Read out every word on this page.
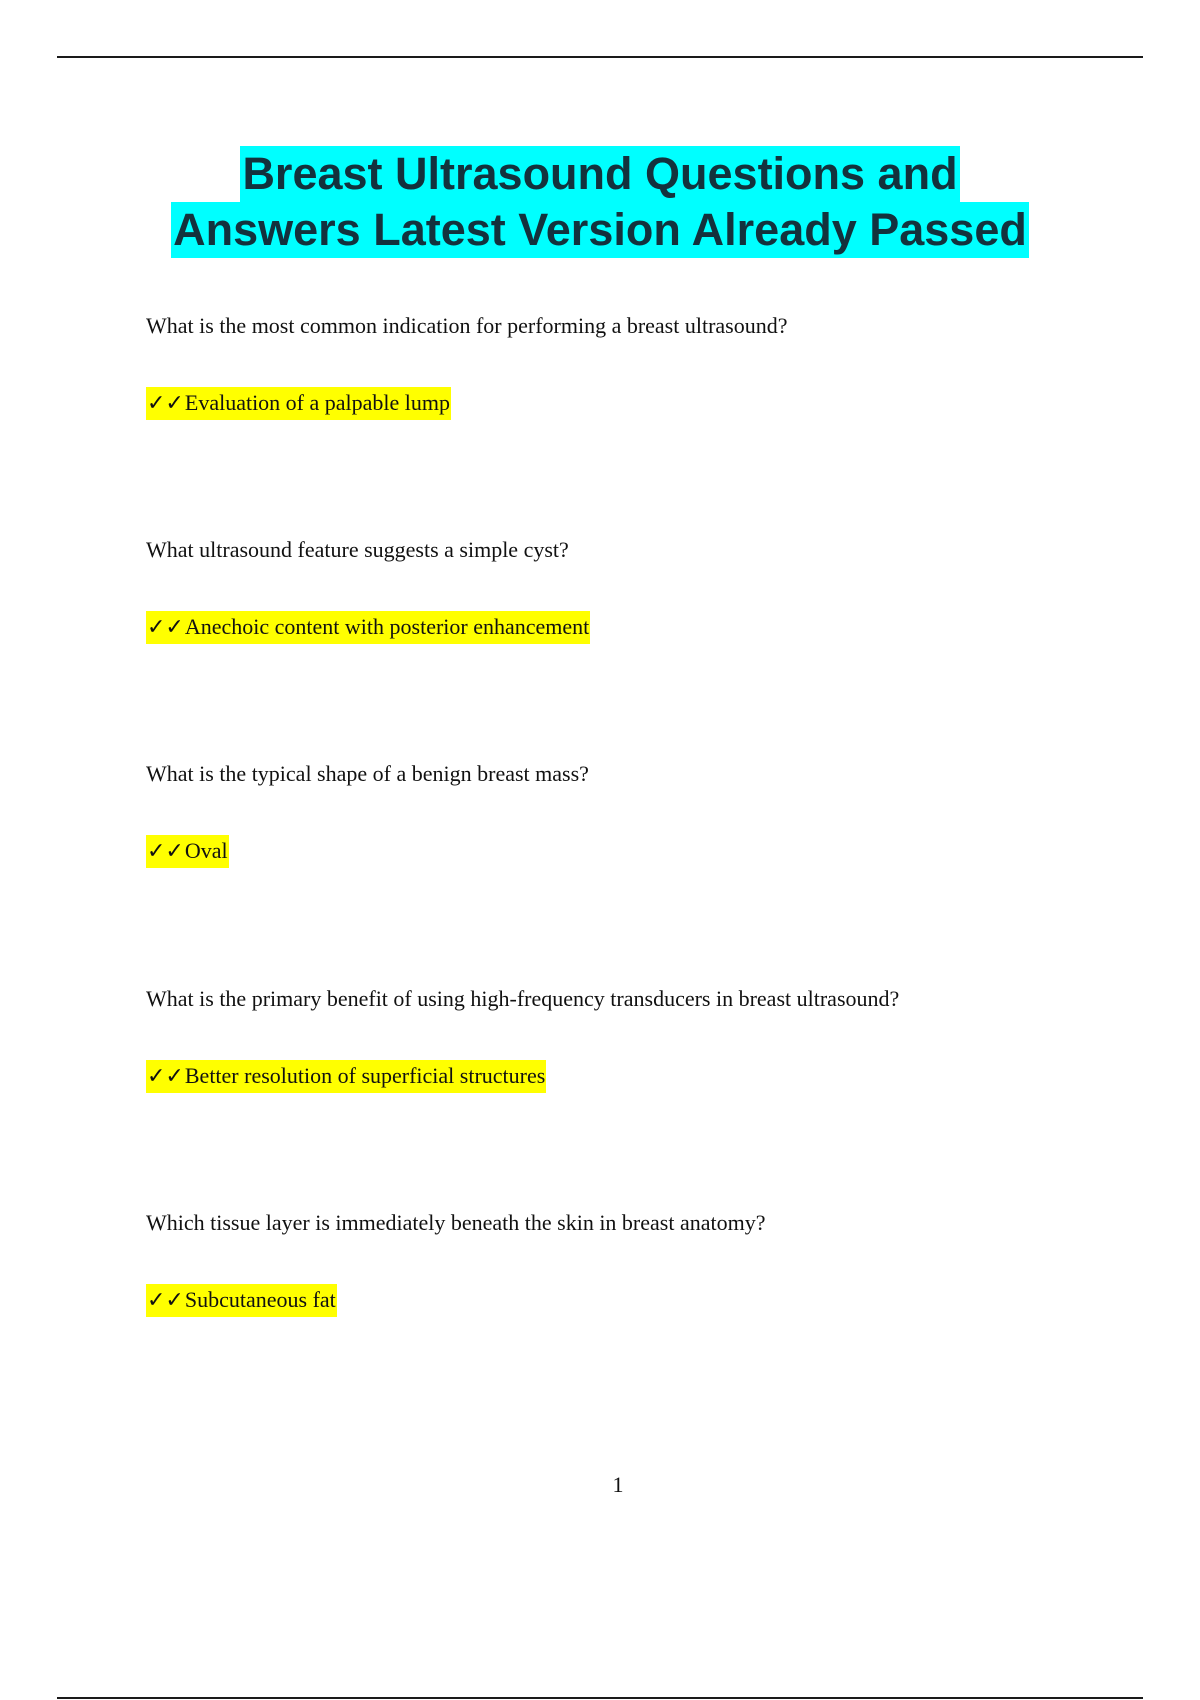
Breast Ultrasound Questions and
Answers Latest Version Already Passed

What is the most common indication for performing a breast ultrasound?

✓✓Evaluation of a palpable lump

What ultrasound feature suggests a simple cyst?

✓✓Anechoic content with posterior enhancement

What is the typical shape of a benign breast mass?

✓✓Oval

What is the primary benefit of using high-frequency transducers in breast ultrasound?

✓✓Better resolution of superficial structures

Which tissue layer is immediately beneath the skin in breast anatomy?

✓✓Subcutaneous fat
1
